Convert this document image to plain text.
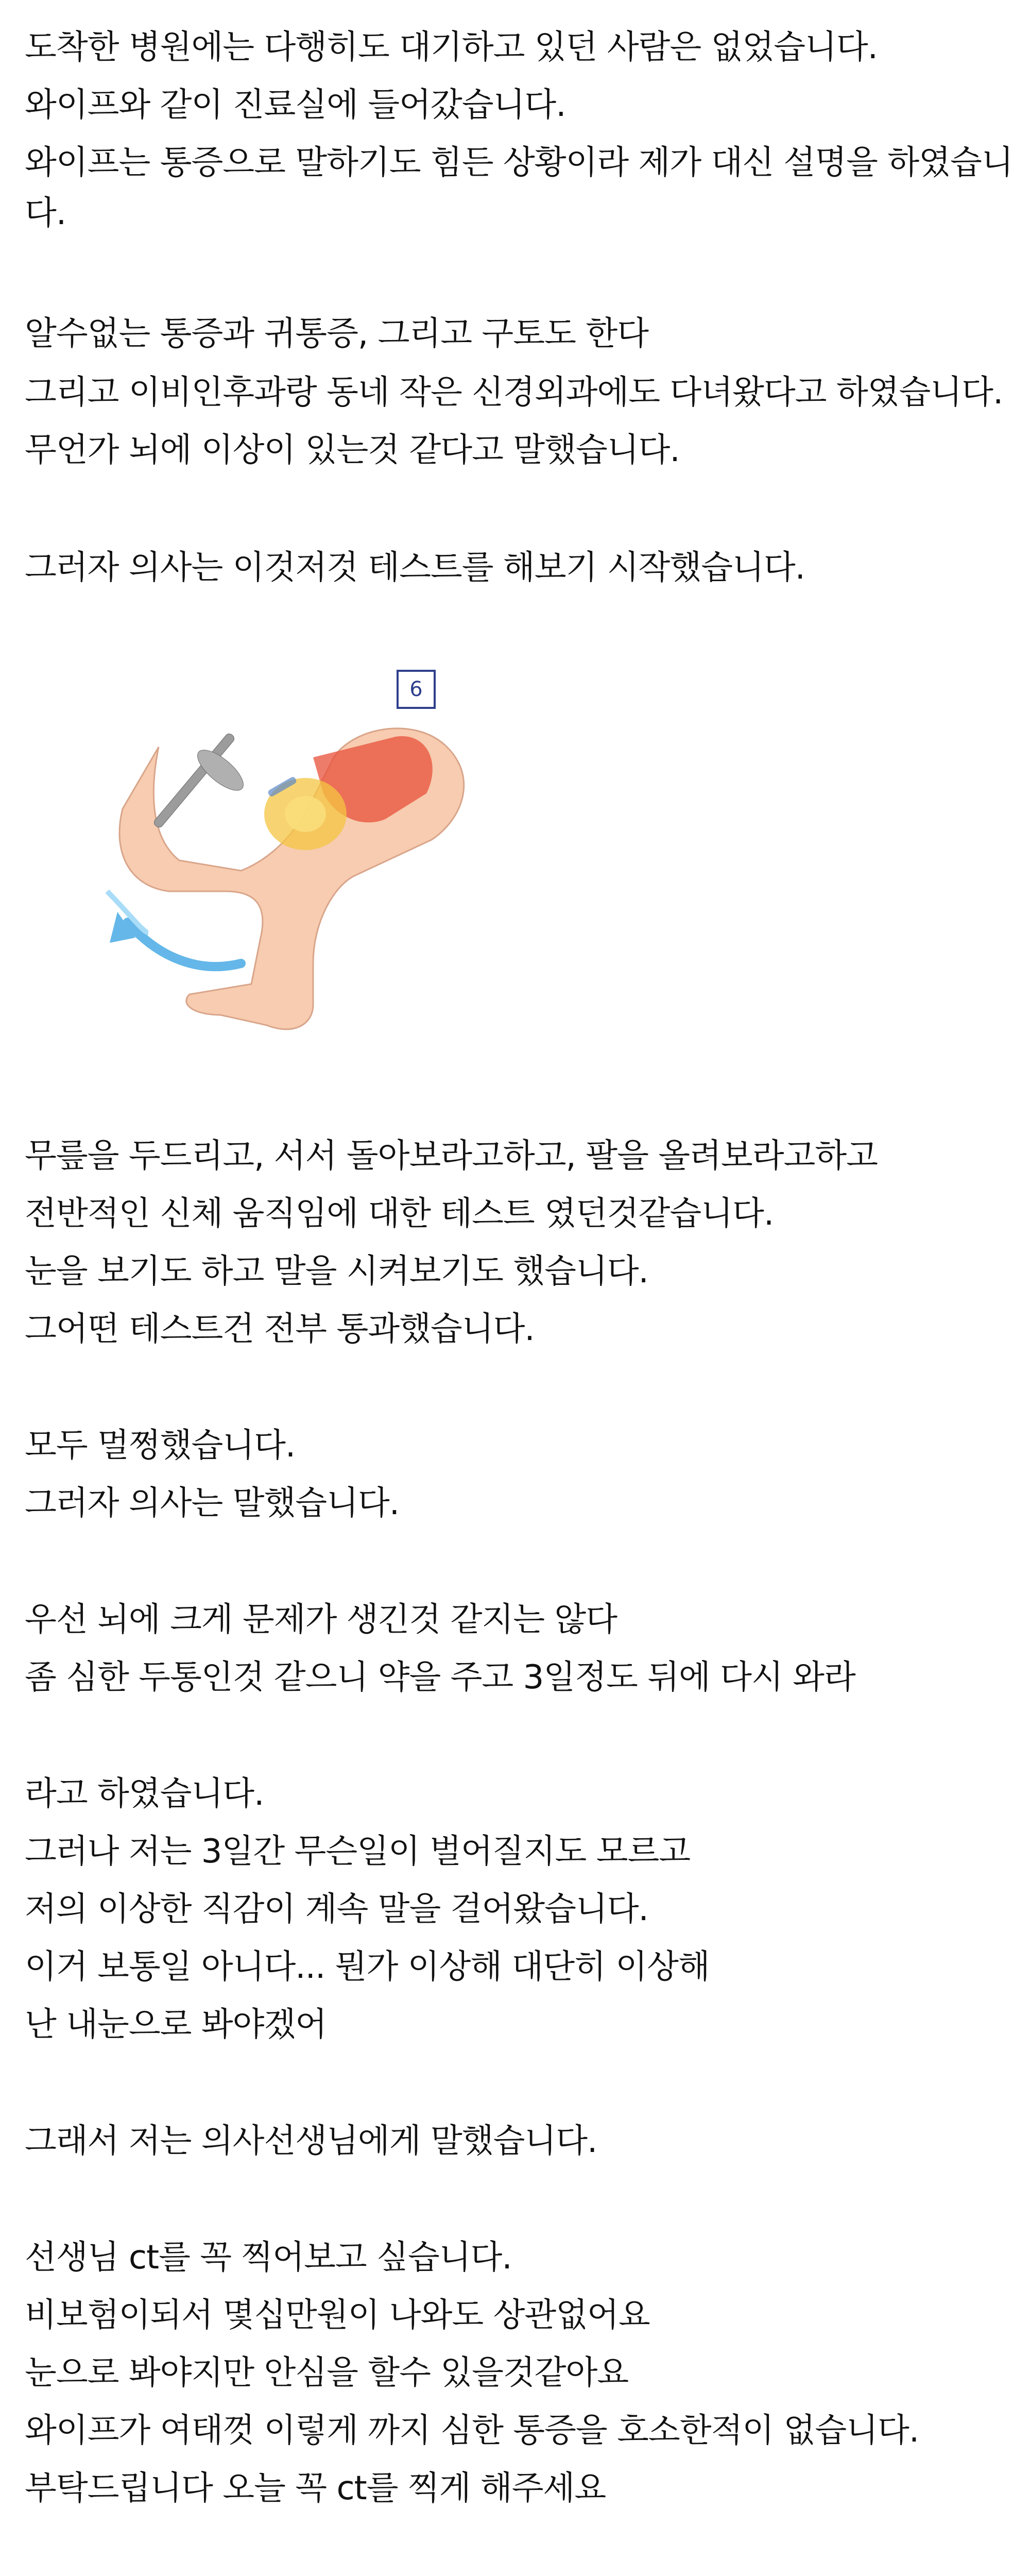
도착한 병원에는 다행히도 대기하고 있던 사람은 없었습니다.
와이프와 같이 진료실에 들어갔습니다.
와이프는 통증으로 말하기도 힘든 상황이라 제가 대신 설명을 하였습니
다.
알수없는 통증과 귀통증, 그리고 구토도 한다
그리고 이비인후과랑 동네 작은 신경외과에도 다녀왔다고 하였습니다.
무언가 뇌에 이상이 있는것 같다고 말했습니다.
그러자 의사는 이것저것 테스트를 해보기 시작했습니다.
6
무릎을 두드리고, 서서 돌아보라고하고, 팔을 올려보라고하고
전반적인 신체 움직임에 대한 테스트 였던것같습니다.
눈을 보기도 하고 말을 시켜보기도 했습니다.
그어떤 테스트건 전부 통과했습니다.
모두 멀쩡했습니다.
그러자 의사는 말했습니다.
우선 뇌에 크게 문제가 생긴것 같지는 않다
좀 심한 두통인것 같으니 약을 주고 3일정도 뒤에 다시 와라
라고 하였습니다.
그러나 저는 3일간 무슨일이 벌어질지도 모르고
저의 이상한 직감이 계속 말을 걸어왔습니다.
이거 보통일 아니다... 뭔가 이상해 대단히 이상해
난 내눈으로 봐야겠어
그래서 저는 의사선생님에게 말했습니다.
선생님 ct를 꼭 찍어보고 싶습니다.
비보험이되서 몇십만원이 나와도 상관없어요
눈으로 봐야지만 안심을 할수 있을것같아요
와이프가 여태껏 이렇게 까지 심한 통증을 호소한적이 없습니다.
부탁드립니다 오늘 꼭 ct를 찍게 해주세요
